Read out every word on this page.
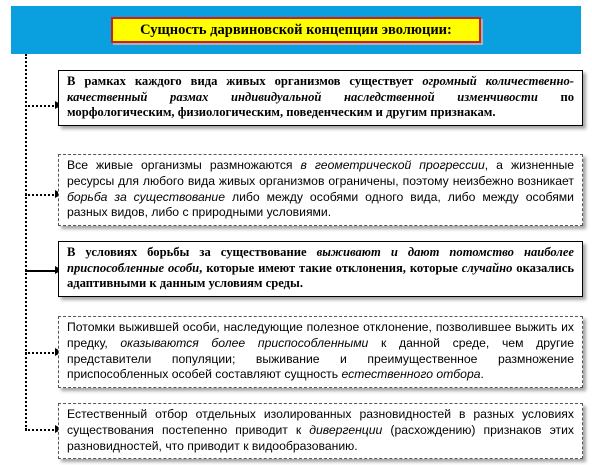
Сущность дарвиновской концепции эволюции:
В рамках каждого вида живых организмов существует огромный количественно-качественный размах индивидуальной наследственной изменчивости по морфологическим, физиологическим, поведенческим и другим признакам.
Все живые организмы размножаются в геометрической прогрессии, а жизненные ресурсы для любого вида живых организмов ограничены, поэтому неизбежно возникает борьба за существование либо между особями одного вида, либо между особями разных видов, либо с природными условиями.
В условиях борьбы за существование выживают и дают потомство наиболее приспособленные особи, которые имеют такие отклонения, которые случайно оказались адаптивными к данным условиям среды.
Потомки выжившей особи, наследующие полезное отклонение, позволившее выжить их предку, оказываются более приспособленными к данной среде, чем другие представители популяции; выживание и преимущественное размножение приспособленных особей составляют сущность естественного отбора.
Естественный отбор отдельных изолированных разновидностей в разных условиях существования постепенно приводит к дивергенции (расхождению) признаков этих разновидностей, что приводит к видообразованию.
